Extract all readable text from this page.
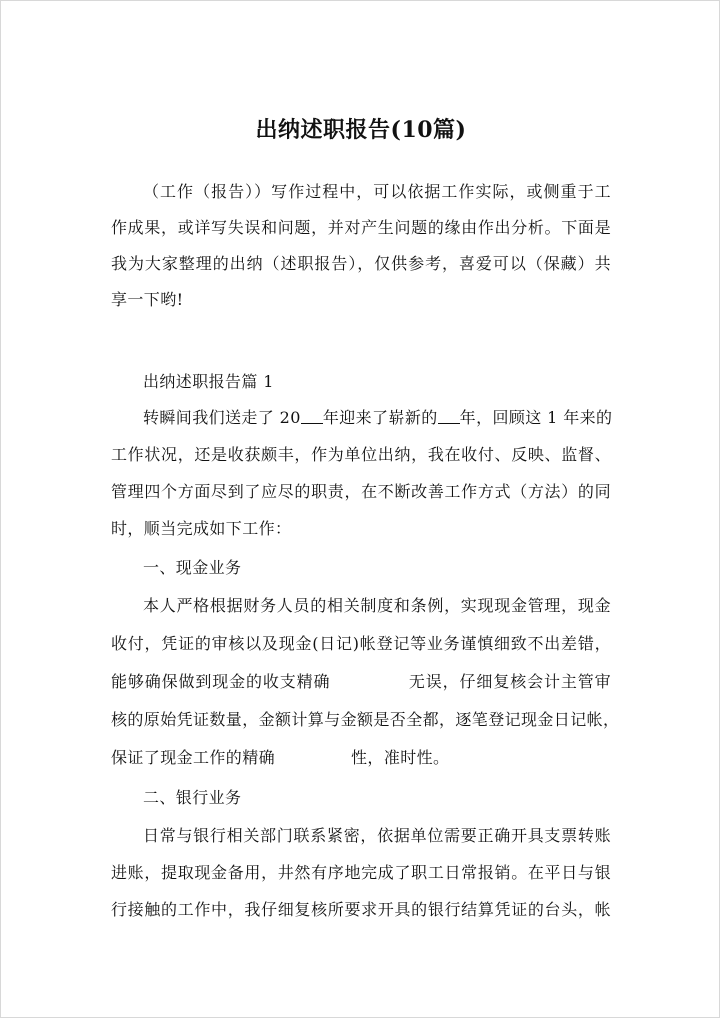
出纳述职报告(10篇)
（工作（报告））写作过程中，可以依据工作实际，或侧重于工
作成果，或详写失误和问题，并对产生问题的缘由作出分析。下面是
我为大家整理的出纳（述职报告），仅供参考，喜爱可以（保藏）共
享一下哟!
出纳述职报告篇 1
转瞬间我们送走了 20 年迎来了崭新的 年，回顾这 1 年来的
工作状况，还是收获颇丰，作为单位出纳，我在收付、反映、监督、
管理四个方面尽到了应尽的职责，在不断改善工作方式（方法）的同
时，顺当完成如下工作：
一、现金业务
本人严格根据财务人员的相关制度和条例，实现现金管理，现金
收付，凭证的审核以及现金(日记)帐登记等业务谨慎细致不出差错，
能够确保做到现金的收支精确	无误，仔细复核会计主管审
核的原始凭证数量，金额计算与金额是否全都，逐笔登记现金日记帐，
保证了现金工作的精确	性，准时性。
二、银行业务
日常与银行相关部门联系紧密，依据单位需要正确开具支票转账
进账，提取现金备用，井然有序地完成了职工日常报销。在平日与银
行接触的工作中，我仔细复核所要求开具的银行结算凭证的台头，帐
